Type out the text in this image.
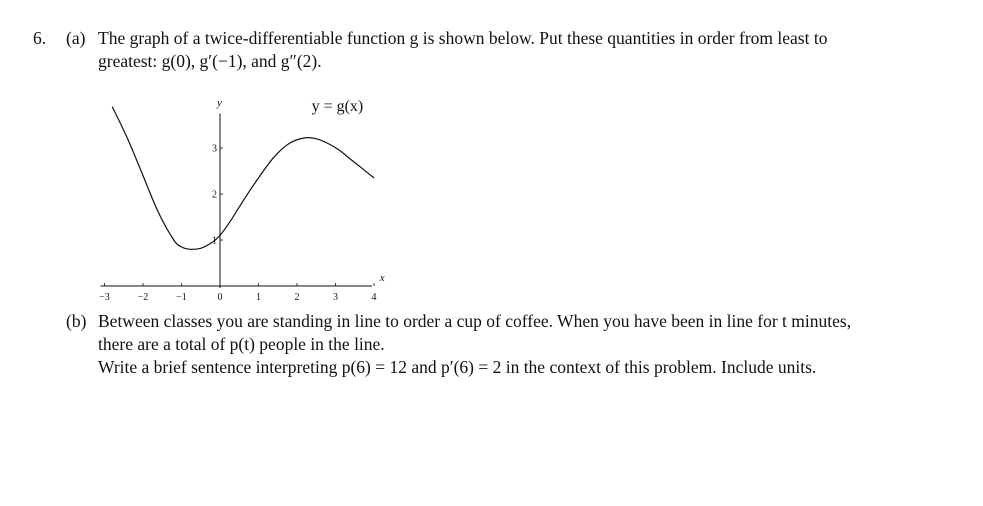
6. (a) The graph of a twice-differentiable function g is shown below. Put these quantities in order from least to
greatest: g(0), g′(−1), and g″(2).
−3	−2	−1	0	1	2	3	4
1
2
3
y = g(x)
x
y
(b) Between classes you are standing in line to order a cup of coffee. When you have been in line for t minutes,
there are a total of p(t) people in the line.
Write a brief sentence interpreting p(6) = 12 and p′(6) = 2 in the context of this problem. Include units.
